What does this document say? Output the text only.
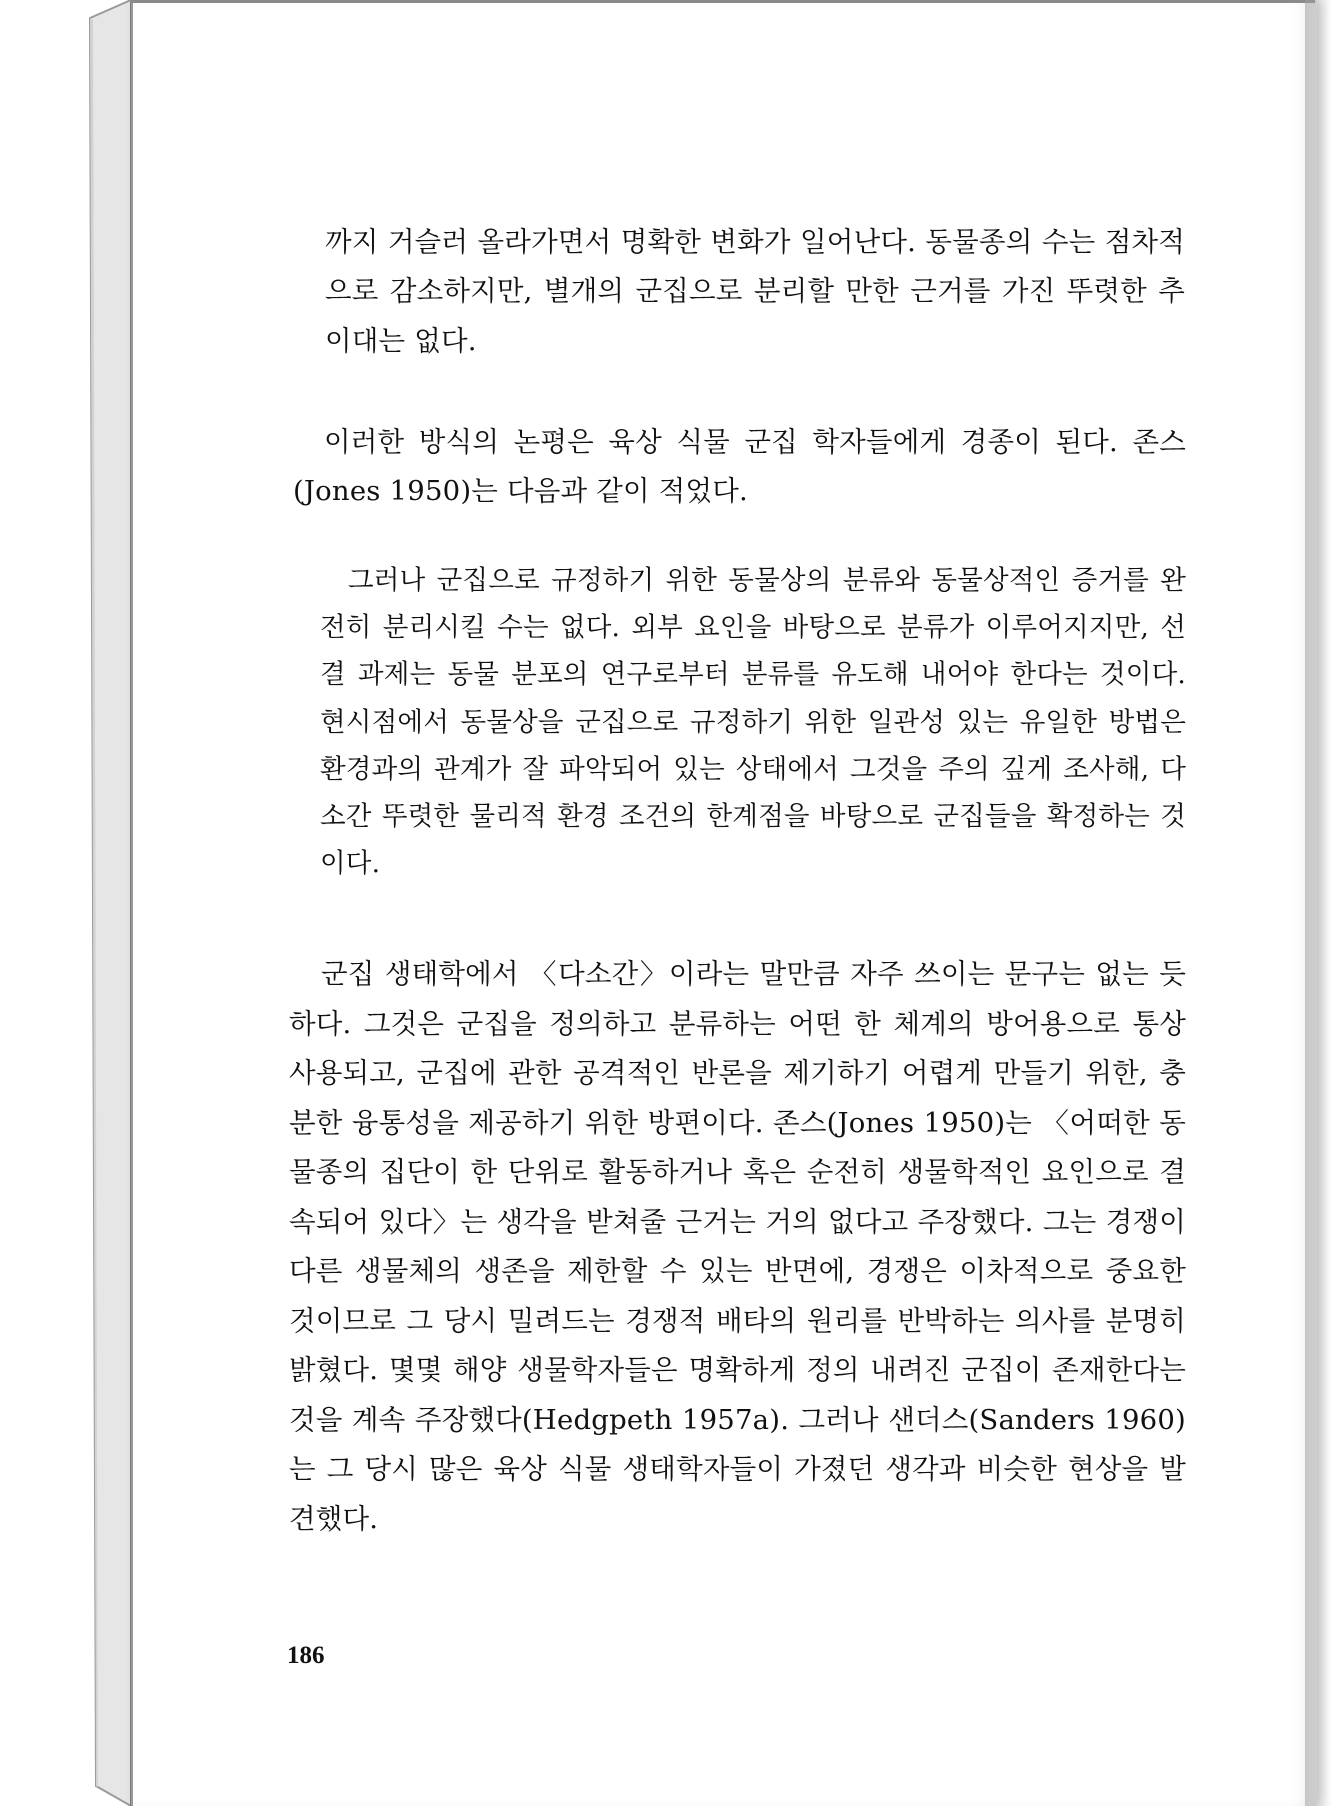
까지 거슬러 올라가면서 명확한 변화가 일어난다. 동물종의 수는 점차적으로 감소하지만, 별개의 군집으로 분리할 만한 근거를 가진 뚜렷한 추이대는 없다.

이러한 방식의 논평은 육상 식물 군집 학자들에게 경종이 된다. 존스(Jones 1950)는 다음과 같이 적었다.

그러나 군집으로 규정하기 위한 동물상의 분류와 동물상적인 증거를 완전히 분리시킬 수는 없다. 외부 요인을 바탕으로 분류가 이루어지지만, 선결 과제는 동물 분포의 연구로부터 분류를 유도해 내어야 한다는 것이다. 현시점에서 동물상을 군집으로 규정하기 위한 일관성 있는 유일한 방법은 환경과의 관계가 잘 파악되어 있는 상태에서 그것을 주의 깊게 조사해, 다소간 뚜렷한 물리적 환경 조건의 한계점을 바탕으로 군집들을 확정하는 것이다.

군집 생태학에서 〈다소간〉이라는 말만큼 자주 쓰이는 문구는 없는 듯하다. 그것은 군집을 정의하고 분류하는 어떤 한 체계의 방어용으로 통상 사용되고, 군집에 관한 공격적인 반론을 제기하기 어렵게 만들기 위한, 충분한 융통성을 제공하기 위한 방편이다. 존스(Jones 1950)는 〈어떠한 동물종의 집단이 한 단위로 활동하거나 혹은 순전히 생물학적인 요인으로 결속되어 있다〉는 생각을 받쳐줄 근거는 거의 없다고 주장했다. 그는 경쟁이 다른 생물체의 생존을 제한할 수 있는 반면에, 경쟁은 이차적으로 중요한 것이므로 그 당시 밀려드는 경쟁적 배타의 원리를 반박하는 의사를 분명히 밝혔다. 몇몇 해양 생물학자들은 명확하게 정의 내려진 군집이 존재한다는 것을 계속 주장했다(Hedgpeth 1957a). 그러나 샌더스(Sanders 1960)는 그 당시 많은 육상 식물 생태학자들이 가졌던 생각과 비슷한 현상을 발견했다.

186
